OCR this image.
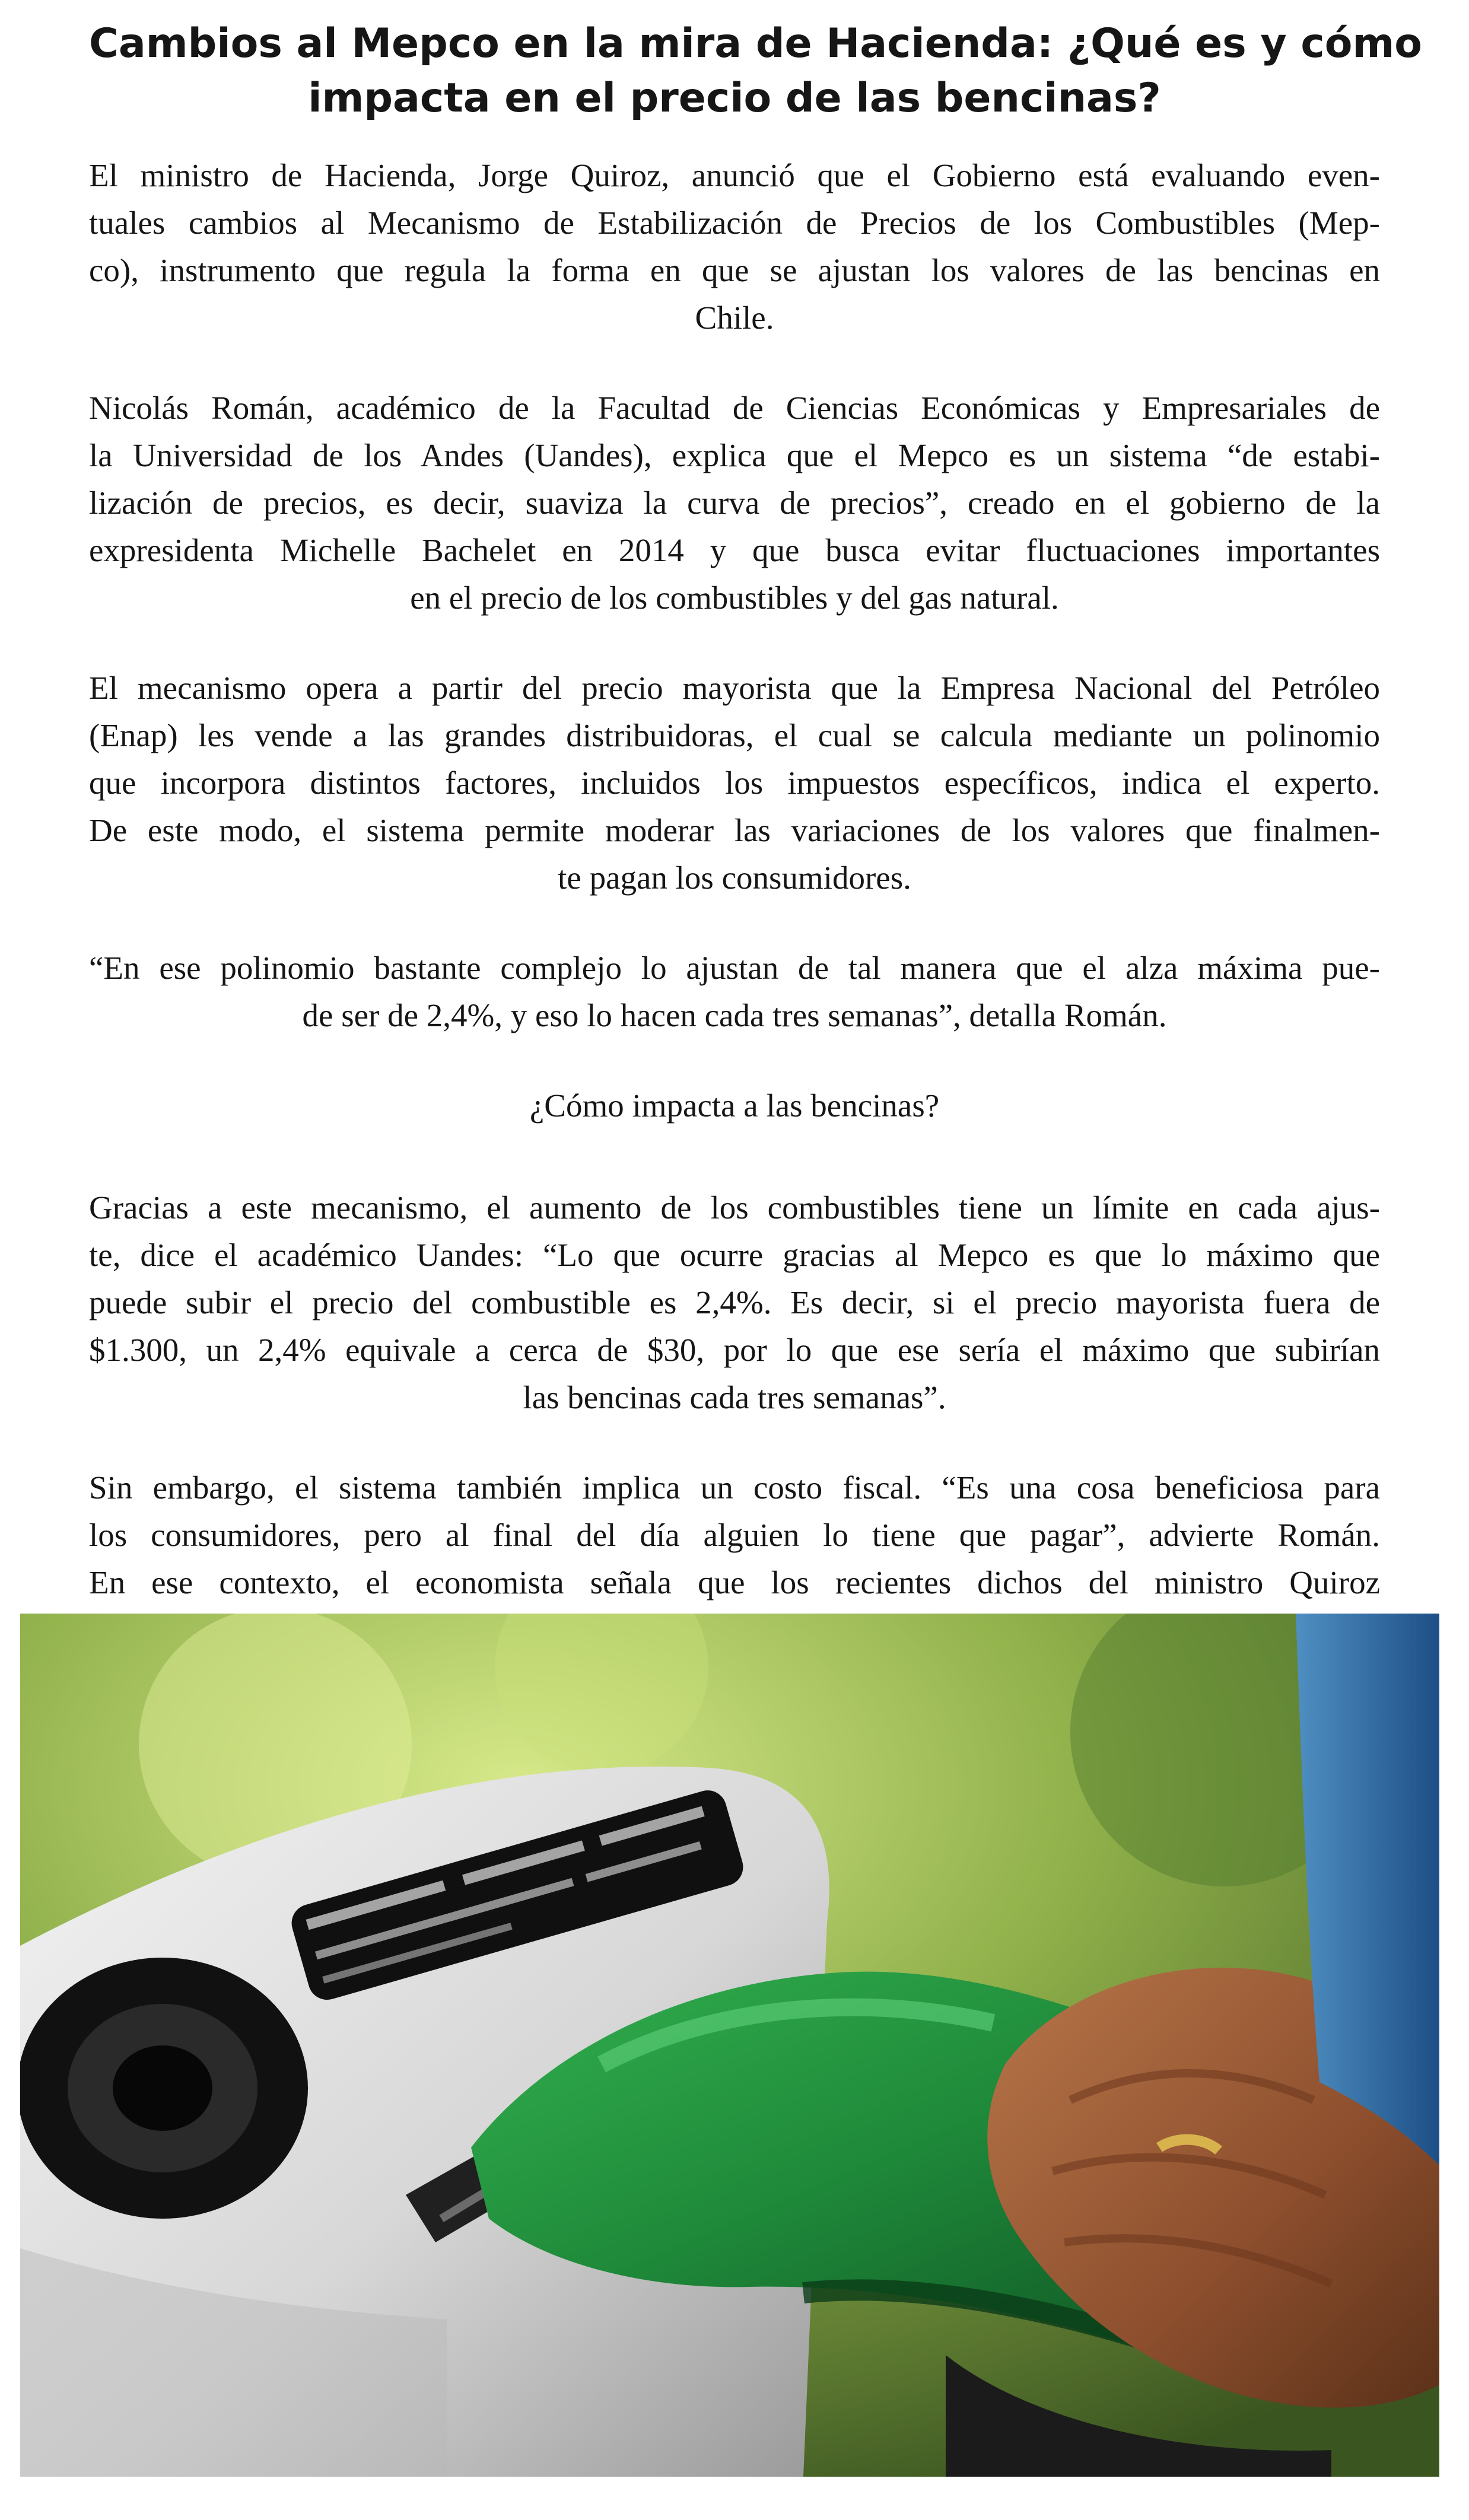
Cambios al Mepco en la mira de Hacienda: ¿Qué es y cómo
impacta en el precio de las bencinas?

El ministro de Hacienda, Jorge Quiroz, anunció que el Gobierno está evaluando even-
tuales cambios al Mecanismo de Estabilización de Precios de los Combustibles (Mep-
co), instrumento que regula la forma en que se ajustan los valores de las bencinas en
Chile.

Nicolás Román, académico de la Facultad de Ciencias Económicas y Empresariales de
la Universidad de los Andes (Uandes), explica que el Mepco es un sistema “de estabi-
lización de precios, es decir, suaviza la curva de precios”, creado en el gobierno de la
expresidenta Michelle Bachelet en 2014 y que busca evitar fluctuaciones importantes
en el precio de los combustibles y del gas natural.

El mecanismo opera a partir del precio mayorista que la Empresa Nacional del Petróleo
(Enap) les vende a las grandes distribuidoras, el cual se calcula mediante un polinomio
que incorpora distintos factores, incluidos los impuestos específicos, indica el experto.
De este modo, el sistema permite moderar las variaciones de los valores que finalmen-
te pagan los consumidores.

“En ese polinomio bastante complejo lo ajustan de tal manera que el alza máxima pue-
de ser de 2,4%, y eso lo hacen cada tres semanas”, detalla Román.

¿Cómo impacta a las bencinas?

Gracias a este mecanismo, el aumento de los combustibles tiene un límite en cada ajus-
te, dice el académico Uandes: “Lo que ocurre gracias al Mepco es que lo máximo que
puede subir el precio del combustible es 2,4%. Es decir, si el precio mayorista fuera de
$1.300, un 2,4% equivale a cerca de $30, por lo que ese sería el máximo que subirían
las bencinas cada tres semanas”.

Sin embargo, el sistema también implica un costo fiscal. “Es una cosa beneficiosa para
los consumidores, pero al final del día alguien lo tiene que pagar”, advierte Román.
En ese contexto, el economista señala que los recientes dichos del ministro Quiroz
